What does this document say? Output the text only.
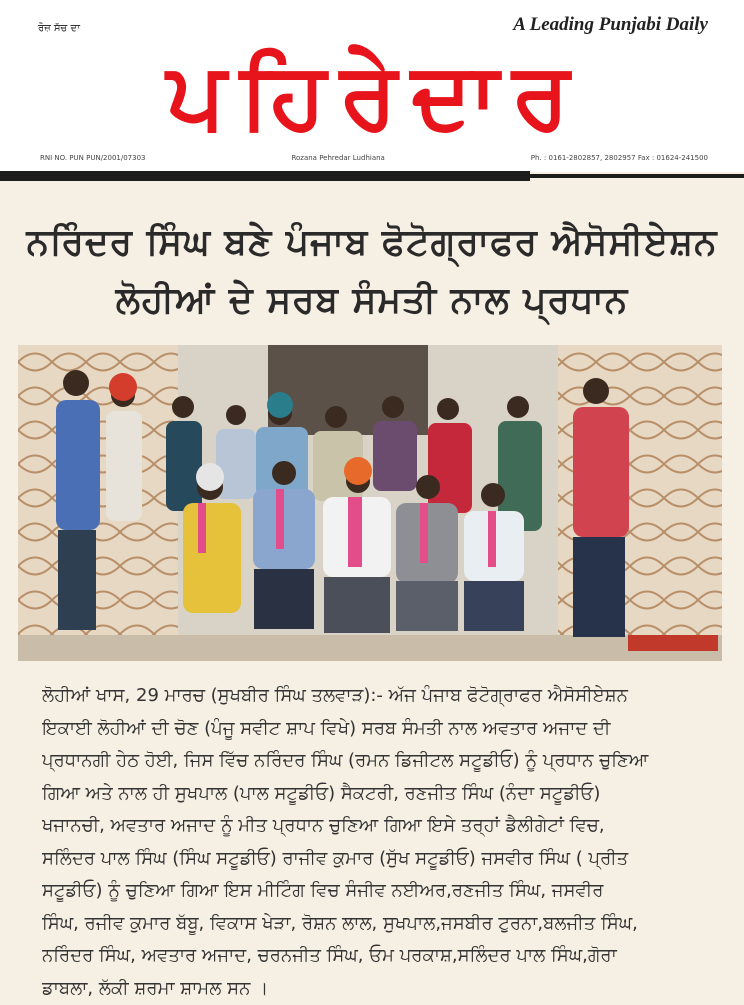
ਰੋਜ਼ ਸੱਚ ਦਾ	A Leading Punjabi Daily
ਪਹਿਰੇਦਾਰ
RNI NO. PUN PUN/2001/07303	Rozana Pehredar Ludhiana	Ph. : 0161-2802857, 2802957 Fax : 01624-241500
ਨਰਿੰਦਰ ਸਿੰਘ ਬਣੇ ਪੰਜਾਬ ਫੋਟੋਗ੍ਰਾਫਰ ਐਸੋਸੀਏਸ਼ਨ
ਲੋਹੀਆਂ ਦੇ ਸਰਬ ਸੰਮਤੀ ਨਾਲ ਪ੍ਰਧਾਨ
ਲੋਹੀਆਂ ਖਾਸ, 29 ਮਾਰਚ (ਸੁਖਬੀਰ ਸਿੰਘ ਤਲਵਾੜ):- ਅੱਜ ਪੰਜਾਬ ਫੋਟੋਗ੍ਰਾਫਰ ਐਸੋਸੀਏਸ਼ਨ
ਇਕਾਈ ਲੋਹੀਆਂ ਦੀ ਚੋਣ (ਪੰਜੂ ਸਵੀਟ ਸ਼ਾਪ ਵਿਖੇ) ਸਰਬ ਸੰਮਤੀ ਨਾਲ ਅਵਤਾਰ ਅਜਾਦ ਦੀ
ਪ੍ਰਧਾਨਗੀ ਹੇਠ ਹੋਈ, ਜਿਸ ਵਿੱਚ ਨਰਿੰਦਰ ਸਿੰਘ (ਰਮਨ ਡਿਜੀਟਲ ਸਟੂਡੀਓ) ਨੂੰ ਪ੍ਰਧਾਨ ਚੁਣਿਆ
ਗਿਆ ਅਤੇ ਨਾਲ ਹੀ ਸੁਖਪਾਲ (ਪਾਲ ਸਟੂਡੀਓ) ਸੈਕਟਰੀ, ਰਣਜੀਤ ਸਿੰਘ (ਨੰਦਾ ਸਟੂਡੀਓ)
ਖਜਾਨਚੀ, ਅਵਤਾਰ ਅਜਾਦ ਨੂੰ ਮੀਤ ਪ੍ਰਧਾਨ ਚੁਣਿਆ ਗਿਆ ਇਸੇ ਤਰ੍ਹਾਂ ਡੈਲੀਗੇਟਾਂ ਵਿਚ,
ਸਲਿੰਦਰ ਪਾਲ ਸਿੰਘ (ਸਿੰਘ ਸਟੂਡੀਓ) ਰਾਜੀਵ ਕੁਮਾਰ (ਸੁੱਖ ਸਟੂਡੀਓ) ਜਸਵੀਰ ਸਿੰਘ ( ਪ੍ਰੀਤ
ਸਟੂਡੀਓ) ਨੂੰ ਚੁਣਿਆ ਗਿਆ ਇਸ ਮੀਟਿੰਗ ਵਿਚ ਸੰਜੀਵ ਨਈਅਰ,ਰਣਜੀਤ ਸਿੰਘ, ਜਸਵੀਰ
ਸਿੰਘ, ਰਜੀਵ ਕੁਮਾਰ ਬੱਬੂ, ਵਿਕਾਸ ਖੇੜਾ, ਰੋਸ਼ਨ ਲਾਲ, ਸੁਖਪਾਲ,ਜਸਬੀਰ ਟੁਰਨਾ,ਬਲਜੀਤ ਸਿੰਘ,
ਨਰਿੰਦਰ ਸਿੰਘ, ਅਵਤਾਰ ਅਜਾਦ, ਚਰਨਜੀਤ ਸਿੰਘ, ਓਮ ਪਰਕਾਸ਼,ਸਲਿੰਦਰ ਪਾਲ ਸਿੰਘ,ਗੋਰਾ
ਡਾਬਲਾ, ਲੱਕੀ ਸ਼ਰਮਾ ਸ਼ਾਮਲ ਸਨ ।
